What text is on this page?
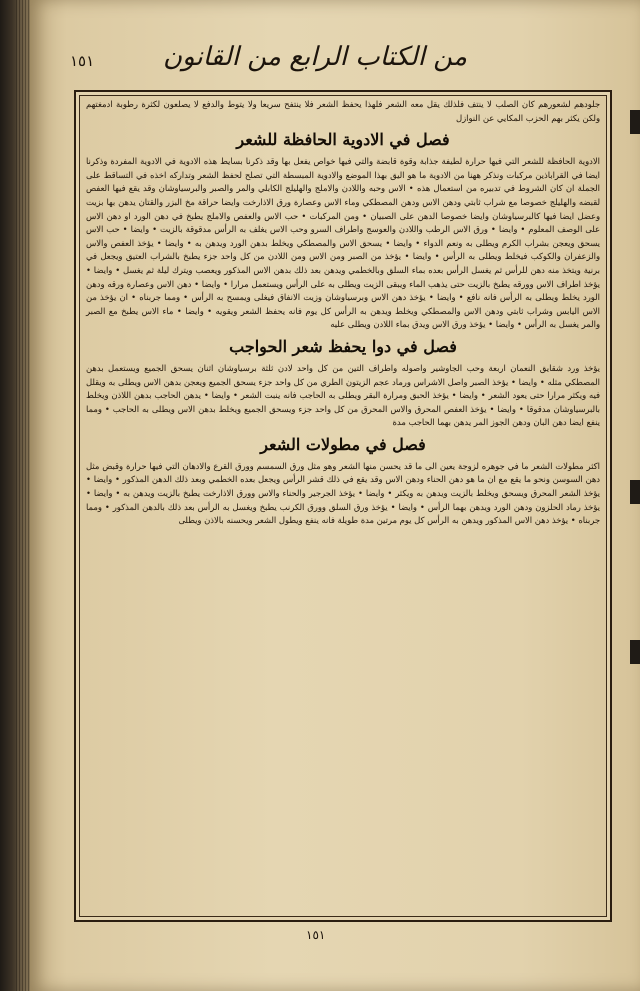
١٥١	من الكتاب الرابع من القانون

جلودهم لشعورهم كان الصلب لا ينتف فلذلك يقل معه الشعر فلهذا يحفظ الشعر فلا ينتفح سريعا ولا يتوط والدفع لا يصلعون لكثرة رطوبة ادمغتهم ولكن يكثر بهم الحزب المكايي عن النوازل

فصل في الادوية الحافظة للشعر

الادوية الحافظة للشعر التي فيها حرارة لطيفة جذابة وقوة قابضة والتي فيها خواص يفعل بها وقد ذكرنا بسايط هذه الادوية في الادوية المفردة وذكرنا ايضا في القراباذين مركبات ونذكر ههنا من الادوية ما هو اليق بهذا الموضع والادوية المبسطة التي تصلح لحفظ الشعر وتداركه اخذه في التساقط على الجملة ان كان الشروط في تدبيره من استعمال هذه • الاس وحبه واللادن والاملج والهليلج الكابلي والمر والصبر والبرسياوشان وقد يقع فيها العفص لقبضه والهليلج خصوصا مع شراب ثابتي ودهن الاس ودهن المصطكي وماء الاس وعصارة ورق الاذارخت وايضا حراقة مخ البزر والقتان يدهن بها بزيت وعضل ايضا فيها كالبرسياوشان وايضا خصوصا الدهن على الصبيان • ومن المركبات • حب الاس والعفص والاملج يطبخ في دهن الورد او دهن الاس على الوصف المعلوم • وايضا • ورق الاس الرطب واللادن والعوسج واطراف السرو وحب الاس يغلف به الرأس مدقوقة بالزيت • وايضا • حب الاس يسحق ويعجن بشراب الكرم ويطلى به ونعم الدواء • وايضا • يسحق الاس والمصطكي ويخلط بدهن الورد ويدهن به • وايضا • يؤخذ العفص والاس والزعفران والكوكب فيخلط ويطلى به الرأس • وايضا • يؤخذ من الصبر ومن الاس ومن اللادن من كل واحد جزء يطبخ بالشراب العتيق ويجعل في برنية ويتخذ منه دهن للرأس ثم يغسل الرأس بعده بماء السلق وبالخطمي ويدهن بعد ذلك بدهن الاس المذكور ويعصب ويترك ليلة ثم يغسل • وايضا • يؤخذ اطراف الاس وورقه يطبخ بالزيت حتى يذهب الماء ويبقى الزيت ويطلى به على الرأس ويستعمل مرارا • وايضا • دهن الاس وعصارة ورقه ودهن الورد يخلط ويطلى به الرأس فانه نافع • وايضا • يؤخذ دهن الاس وبرسياوشان وزيت الانفاق فيغلى ويمسح به الرأس • ومما جربناه • ان يؤخذ من الاس اليابس وشراب ثابتي ودهن الاس والمصطكي ويخلط ويدهن به الرأس كل يوم فانه يحفظ الشعر ويقويه • وايضا • ماء الاس يطبخ مع الصبر والمر يغسل به الرأس • وايضا • يؤخذ ورق الاس ويدق بماء اللادن ويطلى عليه

فصل في دوا يحفظ شعر الحواجب

يؤخذ ورد شقايق النعمان اربعة وحب الجاوشير واصوله واطراف التين من كل واحد لادن ثلثة برسياوشان اثنان يسحق الجميع ويستعمل بدهن المصطكي مثله • وايضا • يؤخذ الصبر واصل الاشراس ورماد عجم الزيتون الطري من كل واحد جزء يسحق الجميع ويعجن بدهن الاس ويطلى به ويقلل فيه ويكثر مرارا حتى يعود الشعر • وايضا • يؤخذ الحبق ومرارة البقر ويطلى به الحاجب فانه ينبت الشعر • وايضا • يدهن الحاجب بدهن اللاذن ويخلط بالبرسياوشان مدقوقا • وايضا • يؤخذ العفص المحرق والاس المحرق من كل واحد جزء ويسحق الجميع ويخلط بدهن الاس ويطلى به الحاجب • ومما ينفع ايضا دهن البان ودهن الجوز المر يدهن بهما الحاجب مدة

فصل في مطولات الشعر

اكثر مطولات الشعر ما في جوهره لزوجة يعين الى ما قد يحسن منها الشعر وهو مثل ورق السمسم وورق القرع والادهان التي فيها حرارة وقبض مثل دهن السوسن ونحو ما يقع مع ان ما هو دهن الحناء ودهن الاس وقد يقع في ذلك قشر الرأس ويجعل بعده الخطمي وبعد ذلك الدهن المذكور • وايضا • يؤخذ الشعر المحرق ويسحق ويخلط بالزيت ويدهن به ويكثر • وايضا • يؤخذ الجرجير والحناء والاس وورق الاذارخت يطبخ بالزيت ويدهن به • وايضا • يؤخذ رماد الحلزون ودهن الورد ويدهن بهما الرأس • وايضا • يؤخذ ورق السلق وورق الكرنب يطبخ ويغسل به الرأس بعد ذلك بالدهن المذكور • ومما جربناه • يؤخذ دهن الاس المذكور ويدهن به الرأس كل يوم مرتين مدة طويلة فانه ينفع ويطول الشعر ويحسنه بالاذن ويطلى

١٥١
